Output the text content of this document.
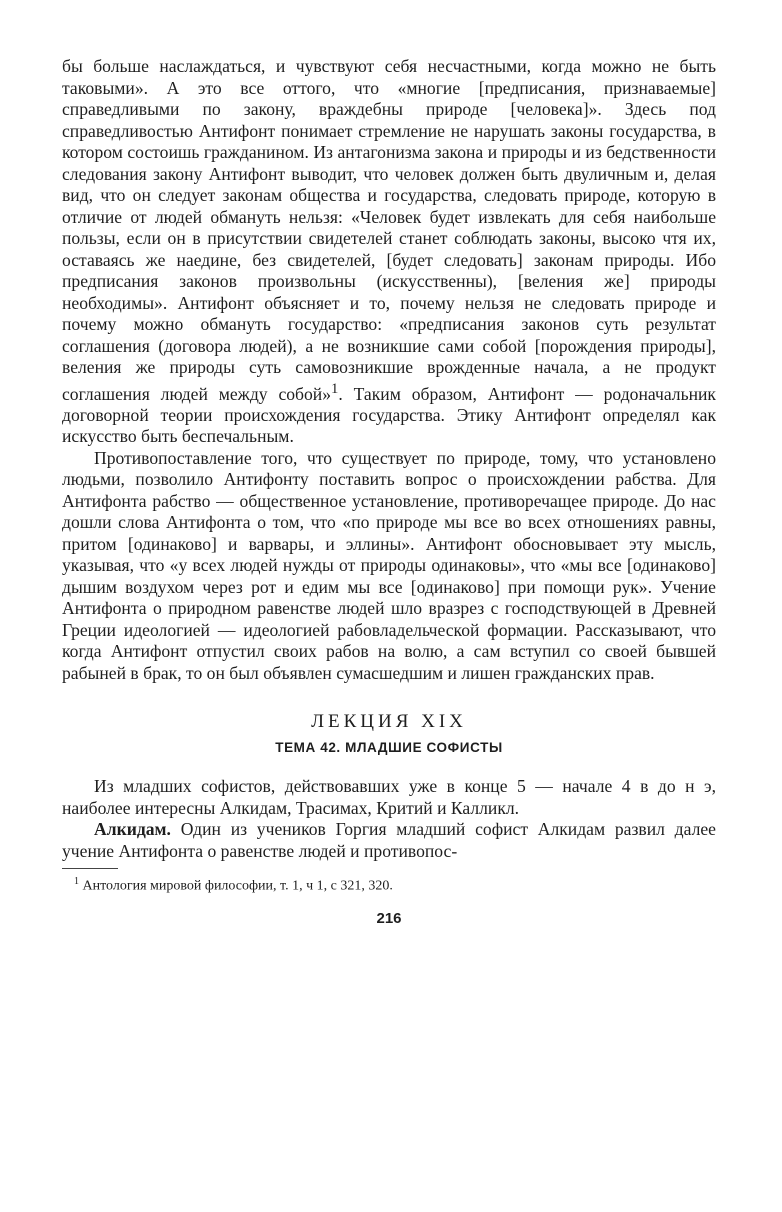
бы больше наслаждаться, и чувствуют себя несчастными, когда можно не быть таковыми». А это все оттого, что «многие [предписания, признаваемые] справедливыми по закону, враждебны природе [человека]». Здесь под справедливостью Антифонт понимает стремление не нарушать законы государства, в котором состоишь гражданином. Из антагонизма закона и природы и из бедственности следования закону Антифонт выводит, что человек должен быть двуличным и, делая вид, что он следует законам общества и государства, следовать природе, которую в отличие от людей обмануть нельзя: «Человек будет извлекать для себя наибольше пользы, если он в присутствии свидетелей станет соблюдать законы, высоко чтя их, оставаясь же наедине, без свидетелей, [будет следовать] законам природы. Ибо предписания законов произвольны (искусственны), [веления же] природы необходимы». Антифонт объясняет и то, почему нельзя не следовать природе и почему можно обмануть государство: «предписания законов суть результат соглашения (договора людей), а не возникшие сами собой [порождения природы], веления же природы суть самовозникшие врожденные начала, а не продукт соглашения людей между собой»$^1$. Таким образом, Антифонт — родоначальник договорной теории происхождения государства. Этику Антифонт определял как искусство быть беспечальным.

Противопоставление того, что существует по природе, тому, что установлено людьми, позволило Антифонту поставить вопрос о происхождении рабства. Для Антифонта рабство — общественное установление, противоречащее природе. До нас дошли слова Антифонта о том, что «по природе мы все во всех отношениях равны, притом [одинаково] и варвары, и эллины». Антифонт обосновывает эту мысль, указывая, что «у всех людей нужды от природы одинаковы», что «мы все [одинаково] дышим воздухом через рот и едим мы все [одинаково] при помощи рук». Учение Антифонта о природном равенстве людей шло вразрез с господствующей в Древней Греции идеологией — идеологией рабовладельческой формации. Рассказывают, что когда Антифонт отпустил своих рабов на волю, а сам вступил со своей бывшей рабыней в брак, то он был объявлен сумасшедшим и лишен гражданских прав.

ЛЕКЦИЯ XIX
ТЕМА 42. МЛАДШИЕ СОФИСТЫ

Из младших софистов, действовавших уже в конце 5 — начале 4 в до н э, наиболее интересны Алкидам, Трасимах, Критий и Калликл.

Алкидам. Один из учеников Горгия младший софист Алкидам развил далее учение Антифонта о равенстве людей и противопос-

$^1$ Антология мировой философии, т. 1, ч 1, с 321, 320.

216
